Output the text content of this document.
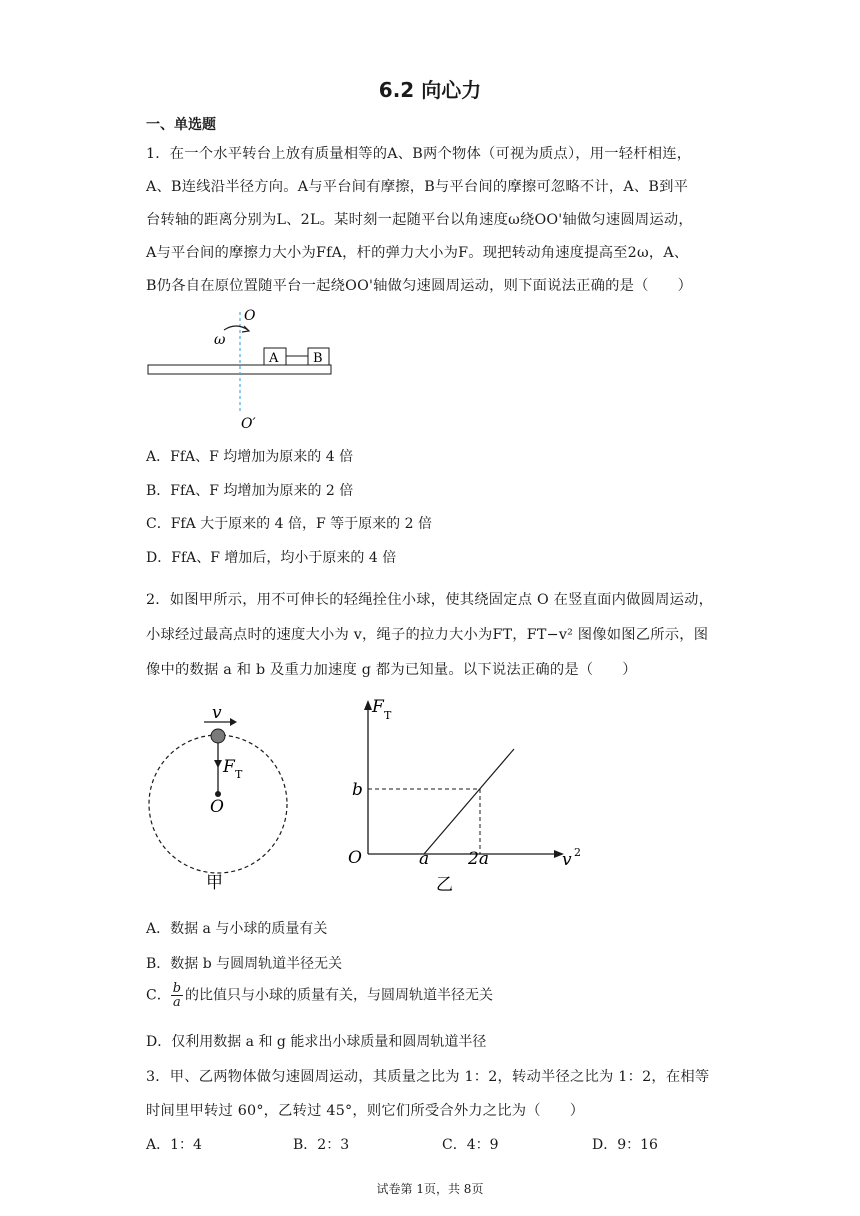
6.2 向心力
一、单选题
1．在一个水平转台上放有质量相等的A、B两个物体（可视为质点），用一轻杆相连，
A、B连线沿半径方向。A与平台间有摩擦，B与平台间的摩擦可忽略不计，A、B到平
台转轴的距离分别为L、2L。某时刻一起随平台以角速度ω绕OO'轴做匀速圆周运动，
A与平台间的摩擦力大小为FfA，杆的弹力大小为F。现把转动角速度提高至2ω，A、
B仍各自在原位置随平台一起绕OO'轴做匀速圆周运动，则下面说法正确的是（　　）
ω
O
O′
A	B
A．FfA、F 均增加为原来的 4 倍
B．FfA、F 均增加为原来的 2 倍
C．FfA 大于原来的 4 倍，F 等于原来的 2 倍
D．FfA、F 增加后，均小于原来的 4 倍
2．如图甲所示，用不可伸长的轻绳拴住小球，使其绕固定点 O 在竖直面内做圆周运动，
小球经过最高点时的速度大小为 v，绳子的拉力大小为FT，FT−v² 图像如图乙所示，图
像中的数据 a 和 b 及重力加速度 g 都为已知量。以下说法正确的是（　　）
v
F T
O
甲
F T
O
b
a 2a	v 2
乙
A．数据 a 与小球的质量有关
B．数据 b 与圆周轨道半径无关
C． $\frac{b}{a}$ 的比值只与小球的质量有关，与圆周轨道半径无关
D．仅利用数据 a 和 g 能求出小球质量和圆周轨道半径
3．甲、乙两物体做匀速圆周运动，其质量之比为 1：2，转动半径之比为 1：2，在相等
时间里甲转过 60°，乙转过 45°，则它们所受合外力之比为（　　）
A．1：4	B．2：3	C．4：9	D．9：16
试卷第 1页，共 8页
